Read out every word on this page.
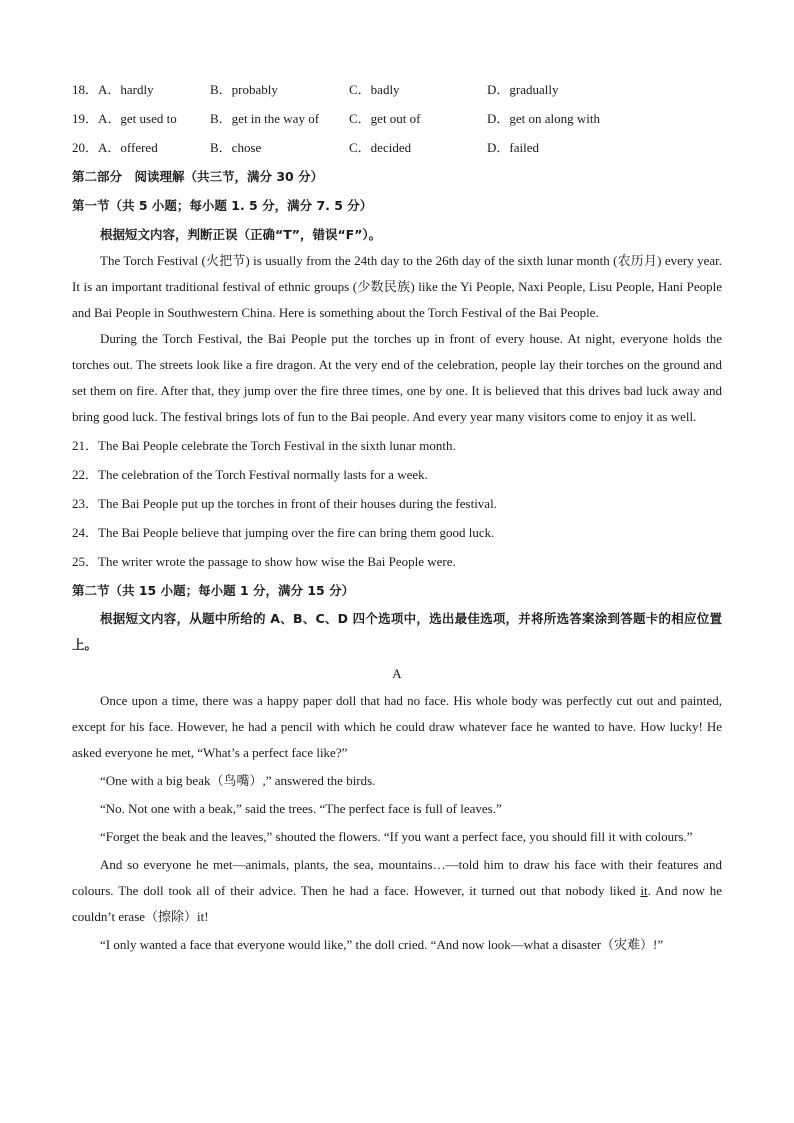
18．A．hardly	B．probably	C．badly	D．gradually
19．A．get used to	B．get in the way of	C．get out of	D．get on along with
20．A．offered	B．chose	C．decided	D．failed
第二部分　阅读理解（共三节，满分 30 分）
第一节（共 5 小题；每小题 1. 5 分，满分 7. 5 分）
根据短文内容，判断正误（正确“T”，错误“F”）。

The Torch Festival (火把节) is usually from the 24th day to the 26th day of the sixth lunar month (农历月) every year. It is an important traditional festival of ethnic groups (少数民族) like the Yi People, Naxi People, Lisu People, Hani People and Bai People in Southwestern China. Here is something about the Torch Festival of the Bai People.

During the Torch Festival, the Bai People put the torches up in front of every house. At night, everyone holds the torches out. The streets look like a fire dragon. At the very end of the celebration, people lay their torches on the ground and set them on fire. After that, they jump over the fire three times, one by one. It is believed that this drives bad luck away and bring good luck. The festival brings lots of fun to the Bai people. And every year many visitors come to enjoy it as well.

21．The Bai People celebrate the Torch Festival in the sixth lunar month.
22．The celebration of the Torch Festival normally lasts for a week.
23．The Bai People put up the torches in front of their houses during the festival.
24．The Bai People believe that jumping over the fire can bring them good luck.
25．The writer wrote the passage to show how wise the Bai People were.
第二节（共 15 小题；每小题 1 分，满分 15 分）

根据短文内容，从题中所给的 A、B、C、D 四个选项中，选出最佳选项，并将所选答案涂到答题卡的相应位置上。

A

Once upon a time, there was a happy paper doll that had no face. His whole body was perfectly cut out and painted, except for his face. However, he had a pencil with which he could draw whatever face he wanted to have. How lucky! He asked everyone he met, “What’s a perfect face like?”

“One with a big beak（鸟嘴）,” answered the birds.

“No. Not one with a beak,” said the trees. “The perfect face is full of leaves.”

“Forget the beak and the leaves,” shouted the flowers. “If you want a perfect face, you should fill it with colours.”

And so everyone he met—animals, plants, the sea, mountains…—told him to draw his face with their features and colours. The doll took all of their advice. Then he had a face. However, it turned out that nobody liked it. And now he couldn’t erase（擦除）it!

“I only wanted a face that everyone would like,” the doll cried. “And now look—what a disaster（灾难）!”
